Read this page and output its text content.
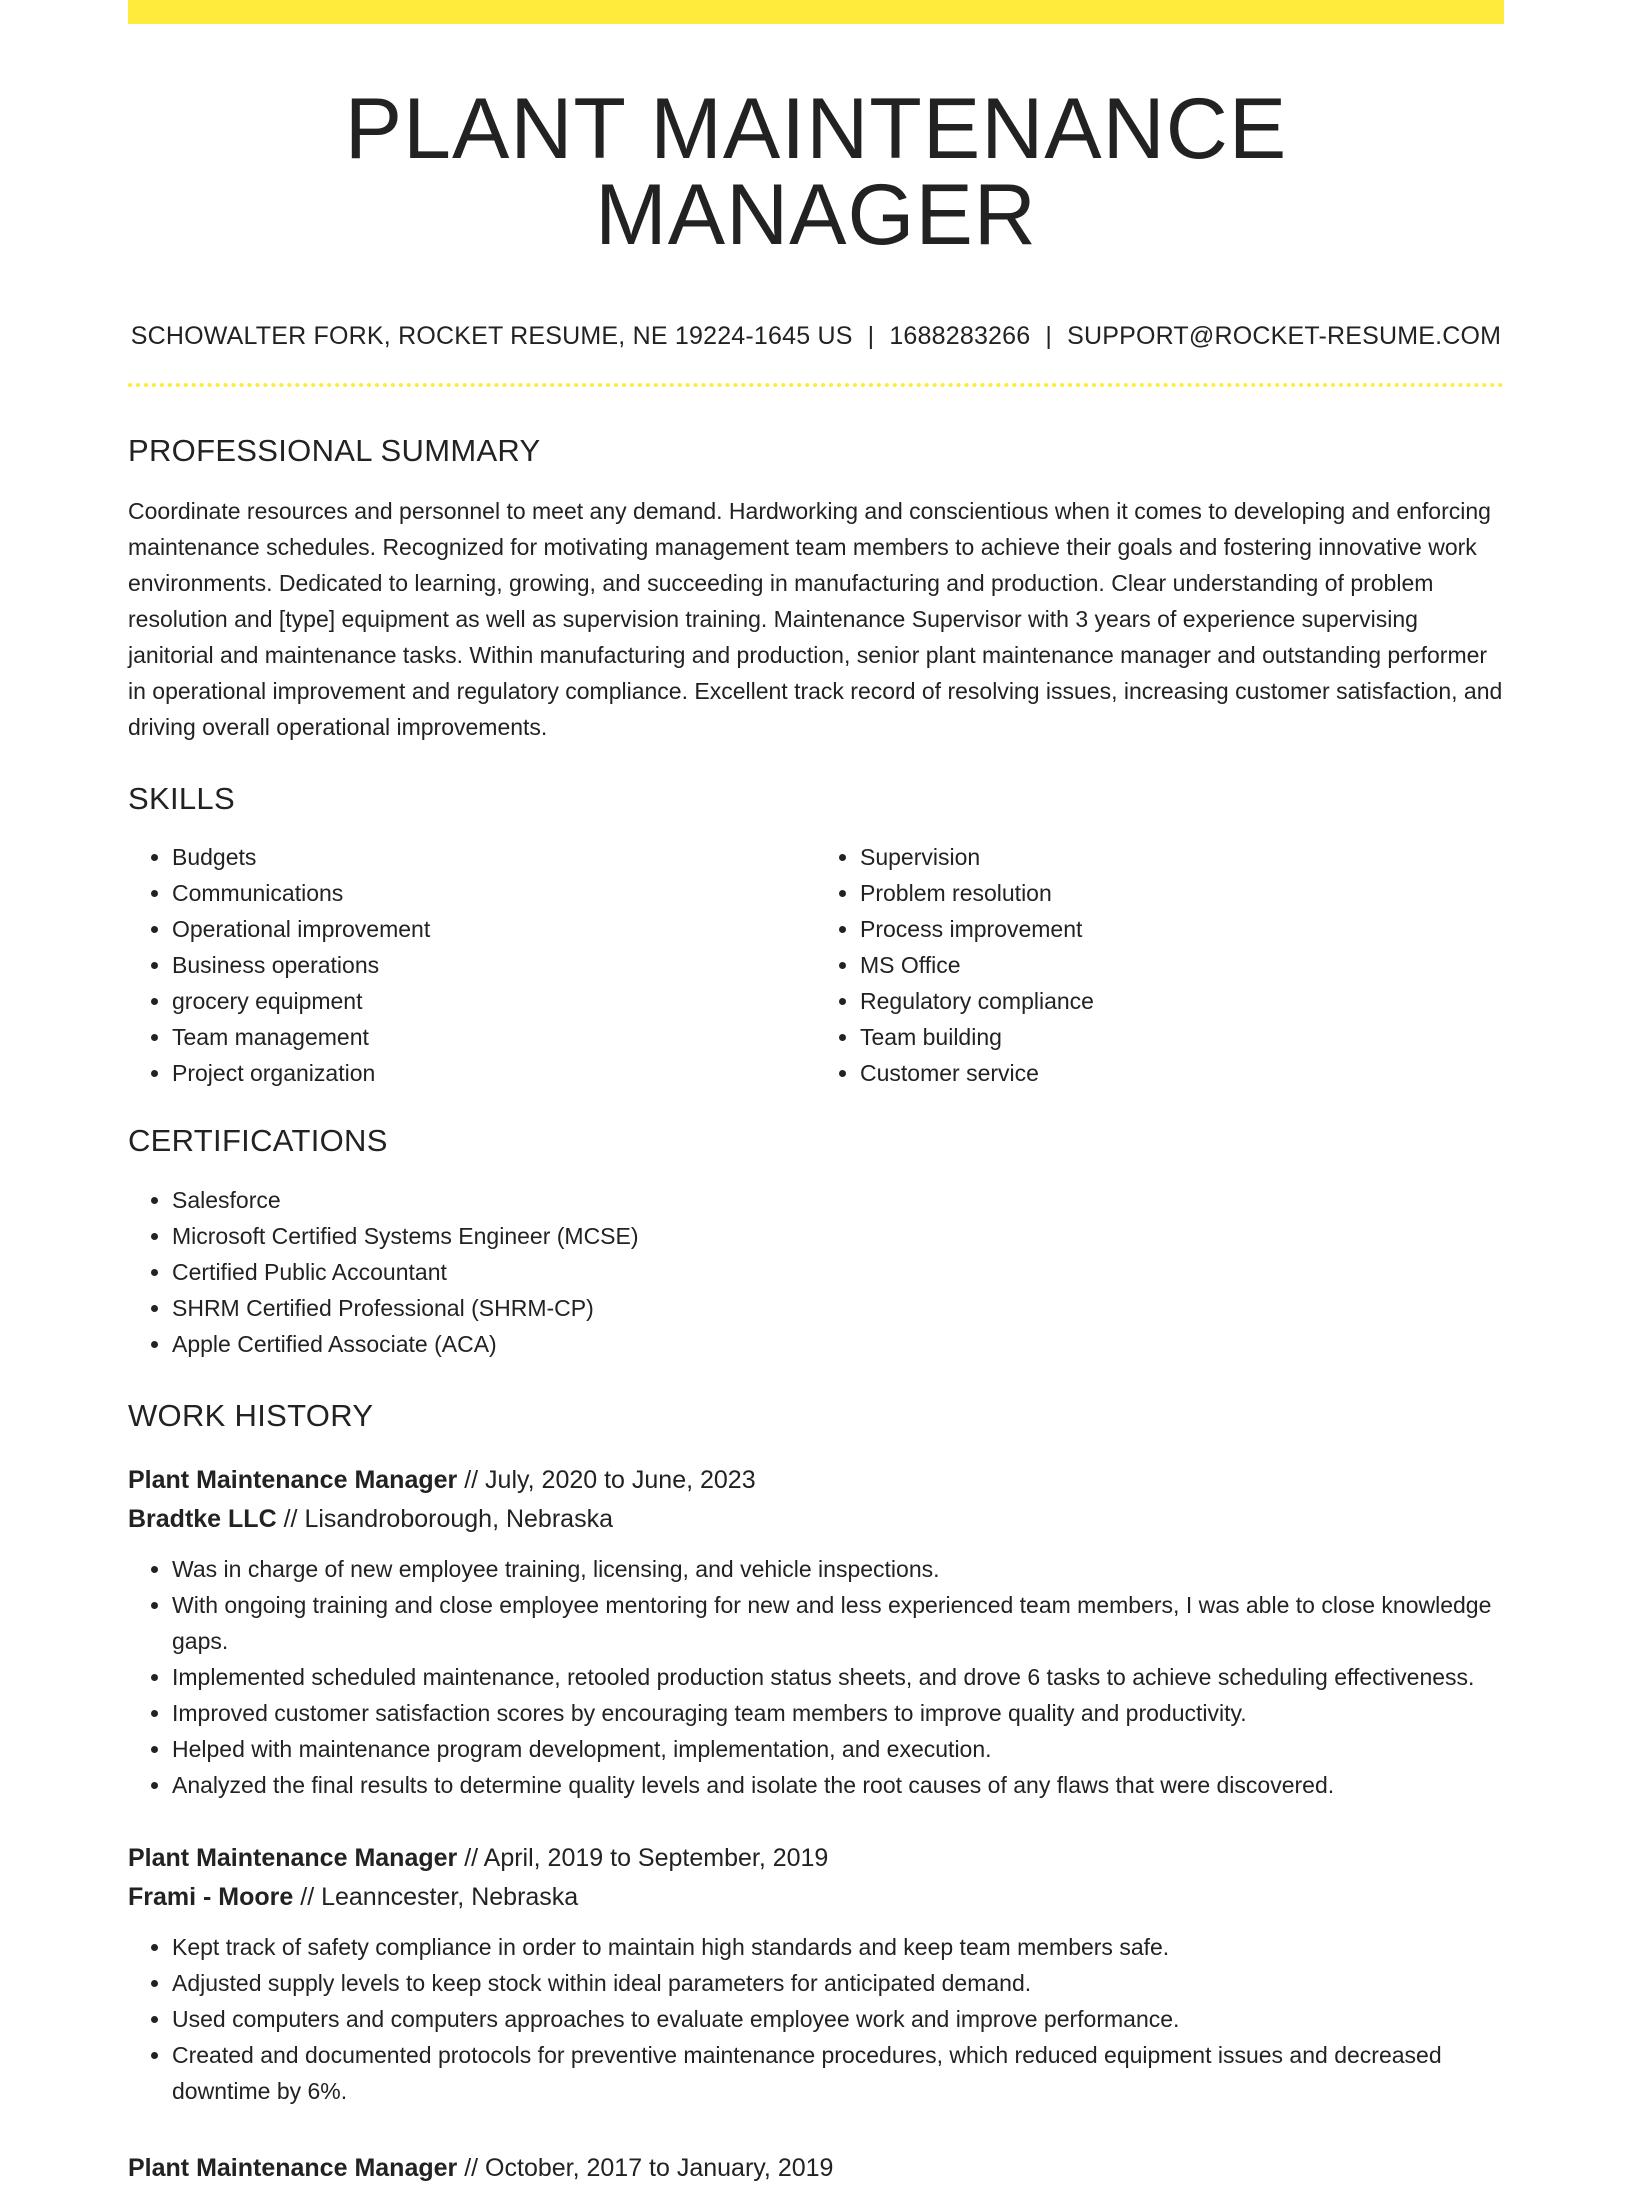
PLANT MAINTENANCE MANAGER
SCHOWALTER FORK, ROCKET RESUME, NE 19224-1645 US | 1688283266 | SUPPORT@ROCKET-RESUME.COM
PROFESSIONAL SUMMARY
Coordinate resources and personnel to meet any demand. Hardworking and conscientious when it comes to developing and enforcing maintenance schedules. Recognized for motivating management team members to achieve their goals and fostering innovative work environments. Dedicated to learning, growing, and succeeding in manufacturing and production. Clear understanding of problem resolution and [type] equipment as well as supervision training. Maintenance Supervisor with 3 years of experience supervising janitorial and maintenance tasks. Within manufacturing and production, senior plant maintenance manager and outstanding performer in operational improvement and regulatory compliance. Excellent track record of resolving issues, increasing customer satisfaction, and driving overall operational improvements.
SKILLS
• Budgets
• Communications
• Operational improvement
• Business operations
• grocery equipment
• Team management
• Project organization
• Supervision
• Problem resolution
• Process improvement
• MS Office
• Regulatory compliance
• Team building
• Customer service
CERTIFICATIONS
• Salesforce
• Microsoft Certified Systems Engineer (MCSE)
• Certified Public Accountant
• SHRM Certified Professional (SHRM-CP)
• Apple Certified Associate (ACA)
WORK HISTORY
Plant Maintenance Manager // July, 2020 to June, 2023
Bradtke LLC // Lisandroborough, Nebraska
• Was in charge of new employee training, licensing, and vehicle inspections.
• With ongoing training and close employee mentoring for new and less experienced team members, I was able to close knowledge gaps.
• Implemented scheduled maintenance, retooled production status sheets, and drove 6 tasks to achieve scheduling effectiveness.
• Improved customer satisfaction scores by encouraging team members to improve quality and productivity.
• Helped with maintenance program development, implementation, and execution.
• Analyzed the final results to determine quality levels and isolate the root causes of any flaws that were discovered.
Plant Maintenance Manager // April, 2019 to September, 2019
Frami - Moore // Leanncester, Nebraska
• Kept track of safety compliance in order to maintain high standards and keep team members safe.
• Adjusted supply levels to keep stock within ideal parameters for anticipated demand.
• Used computers and computers approaches to evaluate employee work and improve performance.
• Created and documented protocols for preventive maintenance procedures, which reduced equipment issues and decreased downtime by 6%.
Plant Maintenance Manager // October, 2017 to January, 2019
